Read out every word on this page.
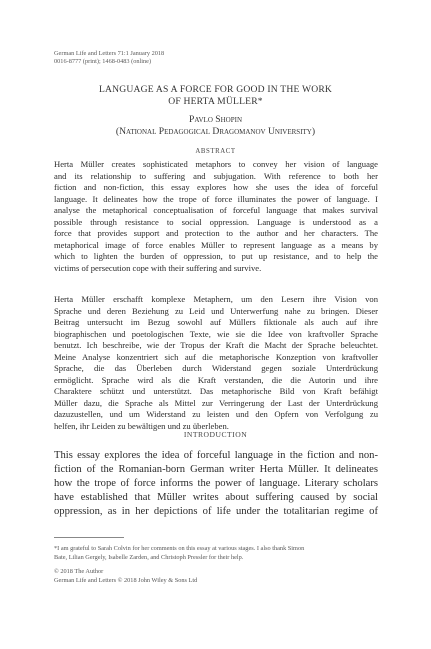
German Life and Letters 71:1 January 2018
0016-8777 (print); 1468-0483 (online)
LANGUAGE AS A FORCE FOR GOOD IN THE WORK
OF HERTA MÜLLER*
Pavlo Shopin
(National Pedagogical Dragomanov University)
ABSTRACT
Herta Müller creates sophisticated metaphors to convey her vision of language
and its relationship to suffering and subjugation. With reference to both her
fiction and non-fiction, this essay explores how she uses the idea of forceful
language. It delineates how the trope of force illuminates the power of language. I
analyse the metaphorical conceptualisation of forceful language that makes survival
possible through resistance to social oppression. Language is understood as a
force that provides support and protection to the author and her characters. The
metaphorical image of force enables Müller to represent language as a means by
which to lighten the burden of oppression, to put up resistance, and to help the
victims of persecution cope with their suffering and survive.
Herta Müller erschafft komplexe Metaphern, um den Lesern ihre Vision von
Sprache und deren Beziehung zu Leid und Unterwerfung nahe zu bringen. Dieser
Beitrag untersucht im Bezug sowohl auf Müllers fiktionale als auch auf ihre
biographischen und poetologischen Texte, wie sie die Idee von kraftvoller Sprache
benutzt. Ich beschreibe, wie der Tropus der Kraft die Macht der Sprache beleuchtet.
Meine Analyse konzentriert sich auf die metaphorische Konzeption von kraftvoller
Sprache, die das Überleben durch Widerstand gegen soziale Unterdrückung
ermöglicht. Sprache wird als die Kraft verstanden, die die Autorin und ihre
Charaktere schützt und unterstützt. Das metaphorische Bild von Kraft befähigt
Müller dazu, die Sprache als Mittel zur Verringerung der Last der Unterdrückung
dazuzustellen, und um Widerstand zu leisten und den Opfern von Verfolgung zu
helfen, ihr Leiden zu bewältigen und zu überleben.
INTRODUCTION
This essay explores the idea of forceful language in the fiction and non-
fiction of the Romanian-born German writer Herta Müller. It delineates
how the trope of force informs the power of language. Literary scholars
have established that Müller writes about suffering caused by social
oppression, as in her depictions of life under the totalitarian regime of
*I am grateful to Sarah Colvin for her comments on this essay at various stages. I also thank Simon
Bate, Lilian Gergely, Isabelle Zarden, and Christoph Pressler for their help.
© 2018 The Author
German Life and Letters © 2018 John Wiley & Sons Ltd
